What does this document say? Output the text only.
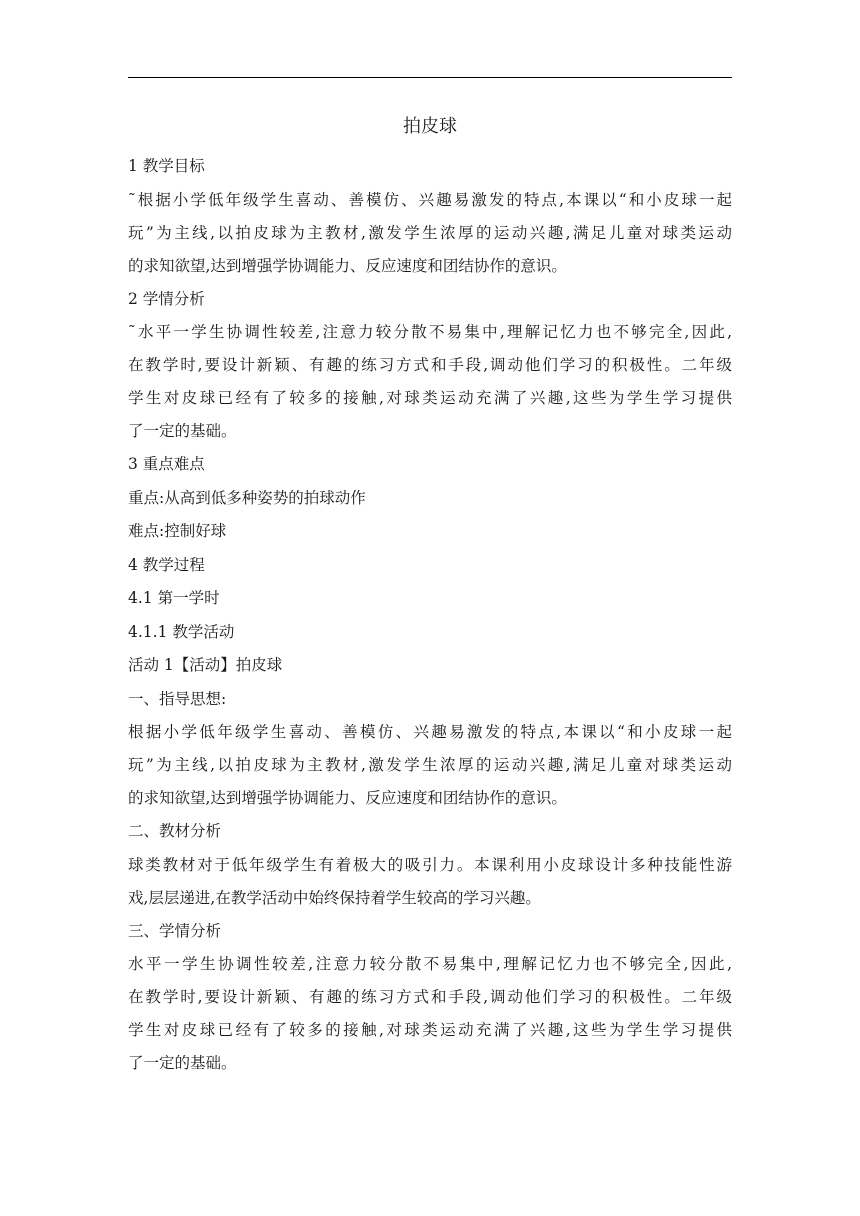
拍皮球
1 教学目标
˜根据小学低年级学生喜动、善模仿、兴趣易激发的特点,本课以“和小皮球一起
玩”为主线,以拍皮球为主教材,激发学生浓厚的运动兴趣,满足儿童对球类运动
的求知欲望,达到增强学协调能力、反应速度和团结协作的意识。
2 学情分析
˜水平一学生协调性较差,注意力较分散不易集中,理解记忆力也不够完全,因此,
在教学时,要设计新颖、有趣的练习方式和手段,调动他们学习的积极性。二年级
学生对皮球已经有了较多的接触,对球类运动充满了兴趣,这些为学生学习提供
了一定的基础。
3 重点难点
重点:从高到低多种姿势的拍球动作
难点:控制好球
4 教学过程
4.1 第一学时
4.1.1 教学活动
活动 1【活动】拍皮球
一、指导思想:
根据小学低年级学生喜动、善模仿、兴趣易激发的特点,本课以“和小皮球一起
玩”为主线,以拍皮球为主教材,激发学生浓厚的运动兴趣,满足儿童对球类运动
的求知欲望,达到增强学协调能力、反应速度和团结协作的意识。
二、教材分析
球类教材对于低年级学生有着极大的吸引力。本课利用小皮球设计多种技能性游
戏,层层递进,在教学活动中始终保持着学生较高的学习兴趣。
三、学情分析
水平一学生协调性较差,注意力较分散不易集中,理解记忆力也不够完全,因此,
在教学时,要设计新颖、有趣的练习方式和手段,调动他们学习的积极性。二年级
学生对皮球已经有了较多的接触,对球类运动充满了兴趣,这些为学生学习提供
了一定的基础。
